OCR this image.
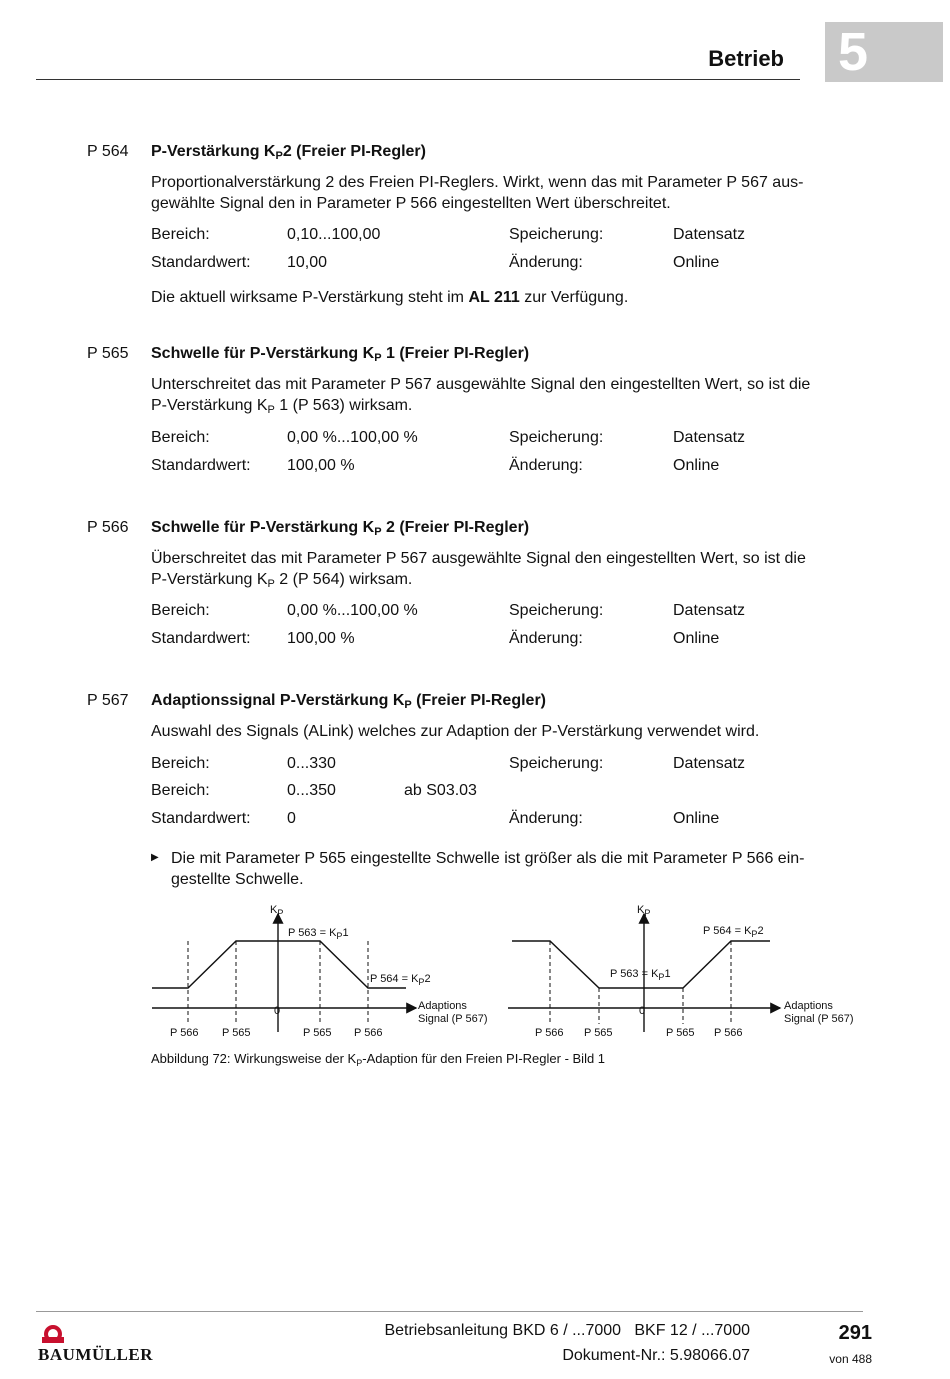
Betrieb 5
P 564 P-Verstärkung $K_P2$ (Freier PI-Regler)
Proportionalverstärkung 2 des Freien PI-Reglers. Wirkt, wenn das mit Parameter P 567 aus-
gewählte Signal den in Parameter P 566 eingestellten Wert überschreitet.
Bereich:	0,10...100,00	Speicherung:	Datensatz
Standardwert: 10,00	Änderung:	Online
Die aktuell wirksame P-Verstärkung steht im AL 211 zur Verfügung.
P 565 Schwelle für P-Verstärkung $K_P$ 1 (Freier PI-Regler)
Unterschreitet das mit Parameter P 567 ausgewählte Signal den eingestellten Wert, so ist die
P-Verstärkung $K_P$ 1 (P 563) wirksam.
Bereich:	0,00 %...100,00 %	Speicherung:	Datensatz
Standardwert: 100,00 %	Änderung:	Online
P 566 Schwelle für P-Verstärkung $K_P$ 2 (Freier PI-Regler)
Überschreitet das mit Parameter P 567 ausgewählte Signal den eingestellten Wert, so ist die
P-Verstärkung $K_P$ 2 (P 564) wirksam.
Bereich:	0,00 %...100,00 %	Speicherung:	Datensatz
Standardwert: 100,00 %	Änderung:	Online
P 567 Adaptionssignal P-Verstärkung $K_P$ (Freier PI-Regler)
Auswahl des Signals (ALink) welches zur Adaption der P-Verstärkung verwendet wird.
Bereich:	0...330	Speicherung:	Datensatz
Bereich:	0...350	ab S03.03
Standardwert: 0	Änderung:	Online
▶ Die mit Parameter P 565 eingestellte Schwelle ist größer als die mit Parameter P 566 ein-
gestellte Schwelle.
$K_P$
P $563 = K_P1$
P $564 = K_P2$
0	Adaptions
Signal (P 567)
P 566 P 565	P 565 P 566
$K_P$
P $564 = K_P2$
P $563 = K_P1$
0	Adaptions
Signal (P 567)
P 566 P 565	P 565 P 566
Abbildung 72: Wirkungsweise der $K_P$-Adaption für den Freien PI-Regler - Bild 1
BAUMÜLLER
Betriebsanleitung BKD 6 / ...7000   BKF 12 / ...7000
Dokument-Nr.: 5.98066.07
291
von 488
